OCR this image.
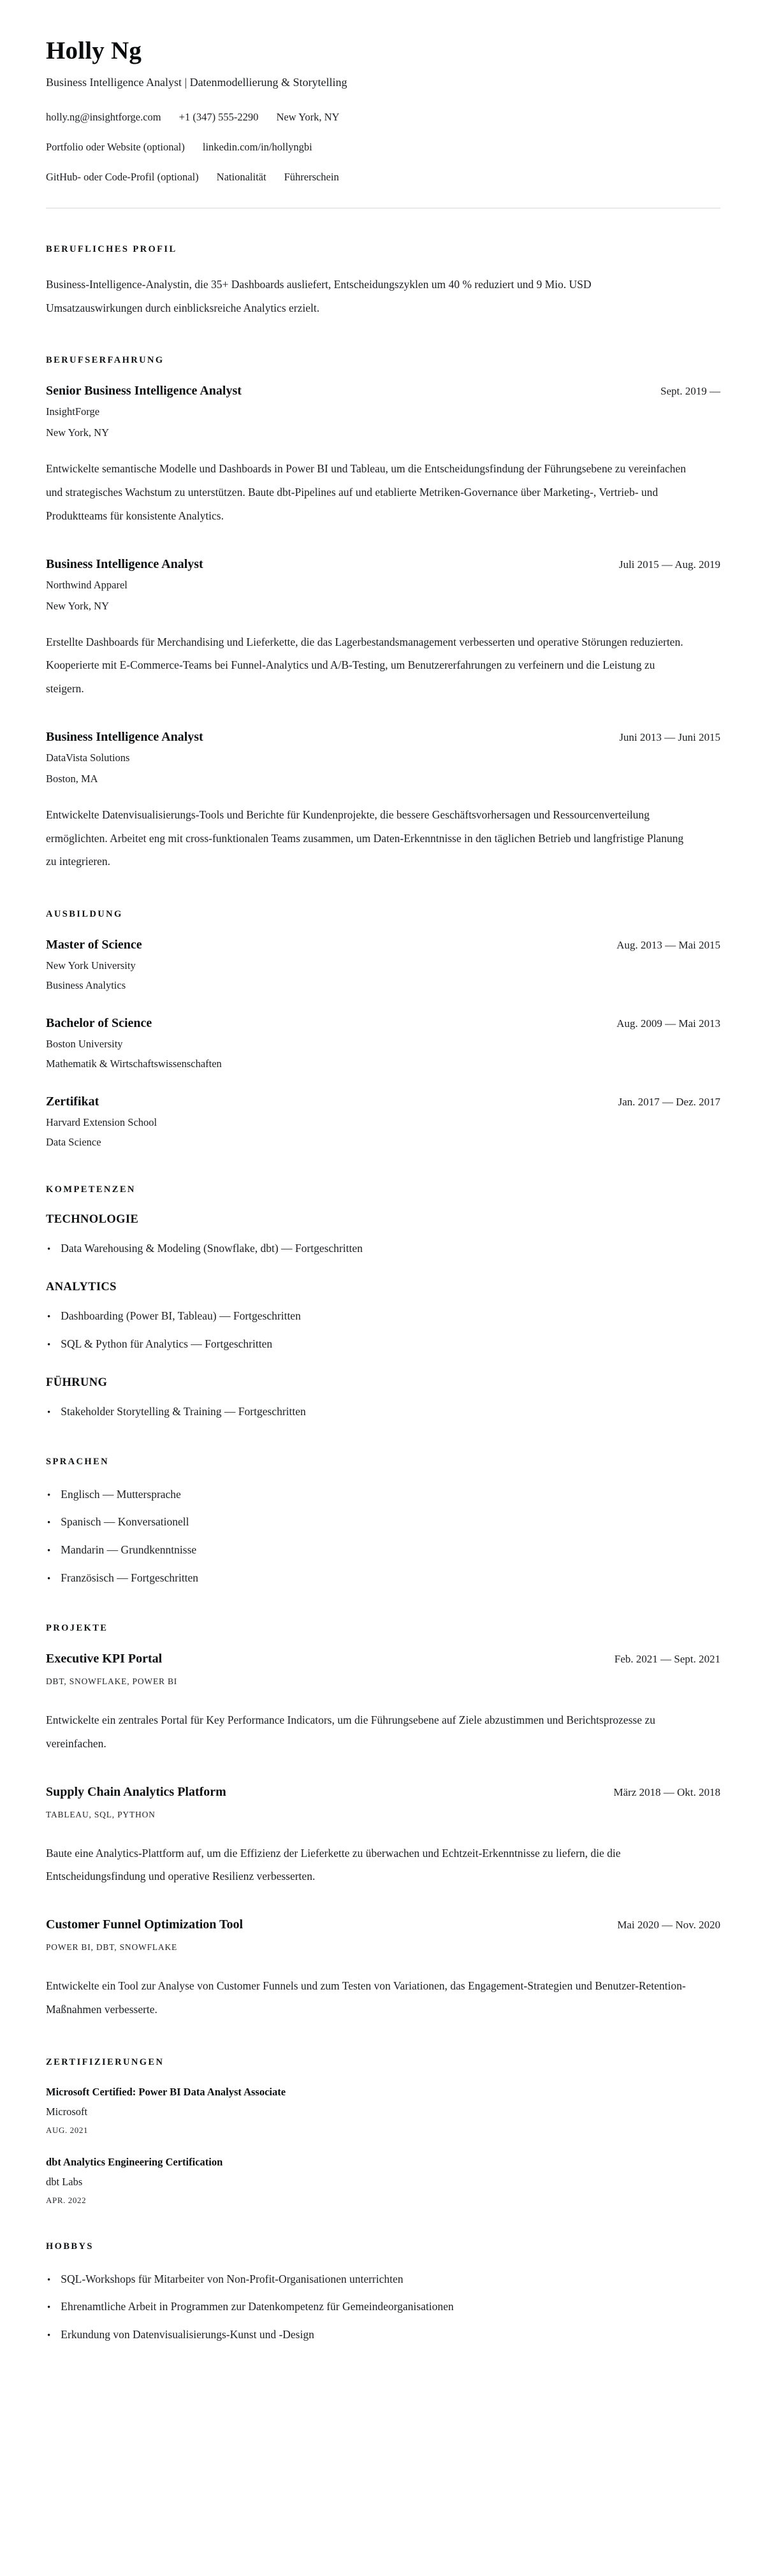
Holly Ng

Business Intelligence Analyst | Datenmodellierung & Storytelling

holly.ng@insightforge.com +1 (347) 555-2290 New York, NY
Portfolio oder Website (optional) linkedin.com/in/hollyngbi
GitHub- oder Code-Profil (optional) Nationalität Führerschein
BERUFLICHES PROFIL

Business-Intelligence-Analystin, die 35+ Dashboards ausliefert, Entscheidungszyklen um 40 % reduziert und 9 Mio. USD Umsatzauswirkungen durch einblicksreiche Analytics erzielt.

BERUFSERFAHRUNG
Senior Business Intelligence Analyst	Sept. 2019 —
InsightForge
New York, NY

Entwickelte semantische Modelle und Dashboards in Power BI und Tableau, um die Entscheidungsfindung der Führungsebene zu vereinfachen und strategisches Wachstum zu unterstützen. Baute dbt-Pipelines auf und etablierte Metriken-Governance über Marketing-, Vertrieb- und Produktteams für konsistente Analytics.

Business Intelligence Analyst	Juli 2015 — Aug. 2019
Northwind Apparel
New York, NY

Erstellte Dashboards für Merchandising und Lieferkette, die das Lagerbestandsmanagement verbesserten und operative Störungen reduzierten. Kooperierte mit E-Commerce-Teams bei Funnel-Analytics und A/B-Testing, um Benutzererfahrungen zu verfeinern und die Leistung zu steigern.

Business Intelligence Analyst	Juni 2013 — Juni 2015
DataVista Solutions
Boston, MA

Entwickelte Datenvisualisierungs-Tools und Berichte für Kundenprojekte, die bessere Geschäftsvorhersagen und Ressourcenverteilung ermöglichten. Arbeitet eng mit cross-funktionalen Teams zusammen, um Daten-Erkenntnisse in den täglichen Betrieb und langfristige Planung zu integrieren.

AUSBILDUNG
Master of Science	Aug. 2013 — Mai 2015
New York University
Business Analytics
Bachelor of Science	Aug. 2009 — Mai 2013
Boston University
Mathematik & Wirtschaftswissenschaften
Zertifikat	Jan. 2017 — Dez. 2017
Harvard Extension School
Data Science
KOMPETENZEN
TECHNOLOGIE
• Data Warehousing & Modeling (Snowflake, dbt) — Fortgeschritten
ANALYTICS
• Dashboarding (Power BI, Tableau) — Fortgeschritten
• SQL & Python für Analytics — Fortgeschritten
FÜHRUNG
• Stakeholder Storytelling & Training — Fortgeschritten
SPRACHEN
• Englisch — Muttersprache
• Spanisch — Konversationell
• Mandarin — Grundkenntnisse
• Französisch — Fortgeschritten
PROJEKTE
Executive KPI Portal	Feb. 2021 — Sept. 2021
DBT, SNOWFLAKE, POWER BI

Entwickelte ein zentrales Portal für Key Performance Indicators, um die Führungsebene auf Ziele abzustimmen und Berichtsprozesse zu vereinfachen.

Supply Chain Analytics Platform	März 2018 — Okt. 2018
TABLEAU, SQL, PYTHON

Baute eine Analytics-Plattform auf, um die Effizienz der Lieferkette zu überwachen und Echtzeit-Erkenntnisse zu liefern, die die Entscheidungsfindung und operative Resilienz verbesserten.

Customer Funnel Optimization Tool	Mai 2020 — Nov. 2020
POWER BI, DBT, SNOWFLAKE

Entwickelte ein Tool zur Analyse von Customer Funnels und zum Testen von Variationen, das Engagement-Strategien und Benutzer-Retention-Maßnahmen verbesserte.

ZERTIFIZIERUNGEN
Microsoft Certified: Power BI Data Analyst Associate
Microsoft
AUG. 2021
dbt Analytics Engineering Certification
dbt Labs
APR. 2022
HOBBYS
• SQL-Workshops für Mitarbeiter von Non-Profit-Organisationen unterrichten
• Ehrenamtliche Arbeit in Programmen zur Datenkompetenz für Gemeindeorganisationen
• Erkundung von Datenvisualisierungs-Kunst und -Design
